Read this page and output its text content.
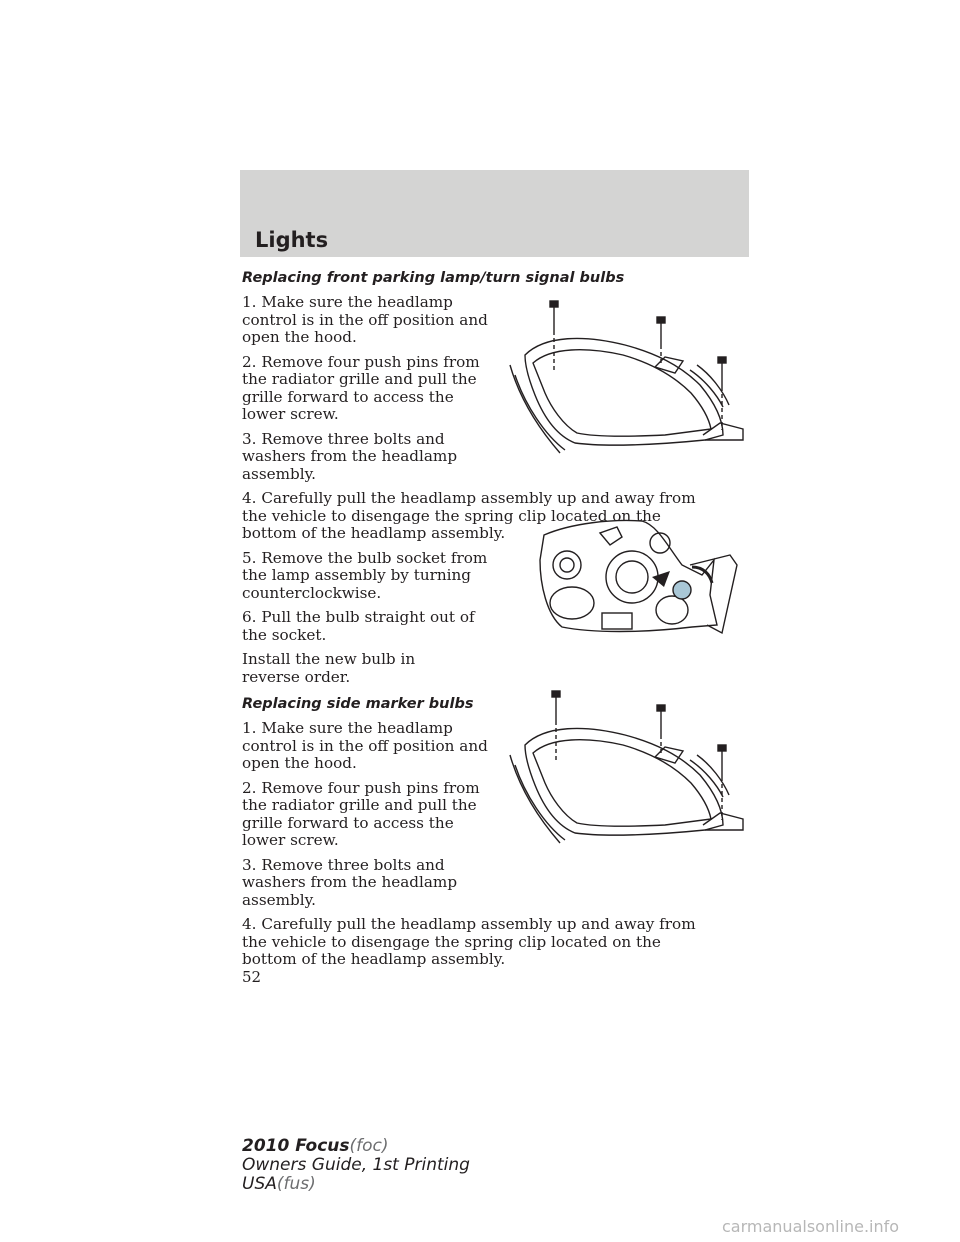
Lights
Replacing front parking lamp/turn signal bulbs

1. Make sure the headlamp control is in the off position and open the hood.

2. Remove four push pins from the radiator grille and pull the grille forward to access the lower screw.

3. Remove three bolts and washers from the headlamp assembly.

4. Carefully pull the headlamp assembly up and away from the vehicle to disengage the spring clip located on the bottom of the headlamp assembly.

5. Remove the bulb socket from the lamp assembly by turning counterclockwise.

6. Pull the bulb straight out of the socket.

Install the new bulb in reverse order.

Replacing side marker bulbs

1. Make sure the headlamp control is in the off position and open the hood.

2. Remove four push pins from the radiator grille and pull the grille forward to access the lower screw.

3. Remove three bolts and washers from the headlamp assembly.

4. Carefully pull the headlamp assembly up and away from the vehicle to disengage the spring clip located on the bottom of the headlamp assembly.

52
2010 Focus(foc)
Owners Guide, 1st Printing
USA(fus)
carmanualsonline.info
